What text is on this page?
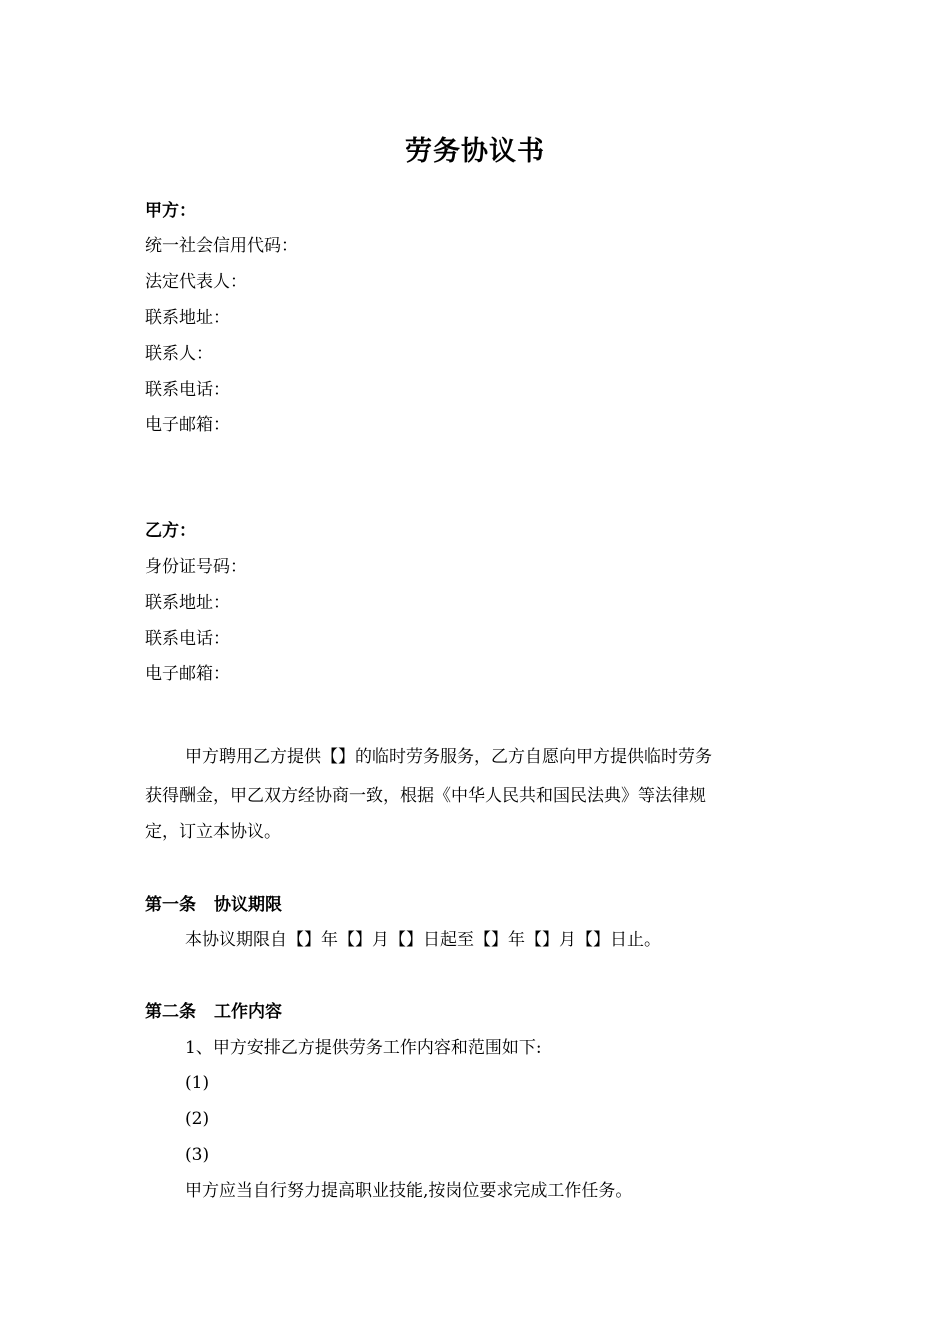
劳务协议书
甲方：
统一社会信用代码：
法定代表人：
联系地址：
联系人：
联系电话：
电子邮箱：
乙方：
身份证号码：
联系地址：
联系电话：
电子邮箱：
甲方聘用乙方提供【】的临时劳务服务，乙方自愿向甲方提供临时劳务
获得酬金，甲乙双方经协商一致，根据《中华人民共和国民法典》等法律规
定，订立本协议。
第一条 协议期限
本协议期限自【】年【】月【】日起至【】年【】月【】日止。
第二条 工作内容
1、甲方安排乙方提供劳务工作内容和范围如下:
(1)
(2)
(3)
甲方应当自行努力提高职业技能,按岗位要求完成工作任务。
